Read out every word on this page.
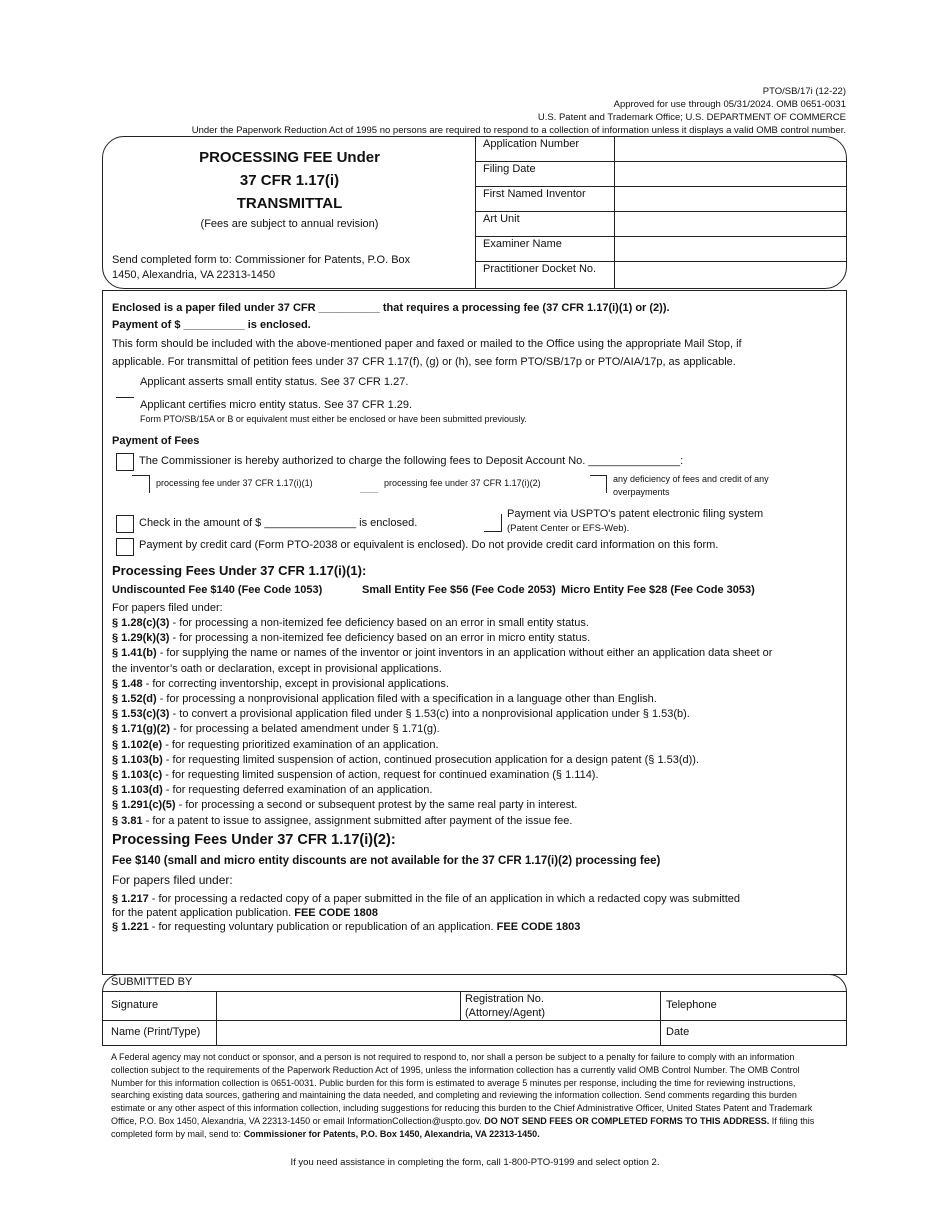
PTO/SB/17i (12-22)
Approved for use through 05/31/2024. OMB 0651-0031
U.S. Patent and Trademark Office; U.S. DEPARTMENT OF COMMERCE
Under the Paperwork Reduction Act of 1995 no persons are required to respond to a collection of information unless it displays a valid OMB control number.
PROCESSING FEE Under
37 CFR 1.17(i)
TRANSMITTAL
(Fees are subject to annual revision)
Send completed form to: Commissioner for Patents, P.O. Box
1450, Alexandria, VA 22313-1450
Application Number
Filing Date
First Named Inventor
Art Unit
Examiner Name
Practitioner Docket No.
Enclosed is a paper filed under 37 CFR __________ that requires a processing fee (37 CFR 1.17(i)(1) or (2)).
Payment of $ __________ is enclosed.
This form should be included with the above-mentioned paper and faxed or mailed to the Office using the appropriate Mail Stop, if
applicable. For transmittal of petition fees under 37 CFR 1.17(f), (g) or (h), see form PTO/SB/17p or PTO/AIA/17p, as applicable.
Applicant asserts small entity status. See 37 CFR 1.27.
Applicant certifies micro entity status. See 37 CFR 1.29.
Form PTO/SB/15A or B or equivalent must either be enclosed or have been submitted previously.
Payment of Fees
The Commissioner is hereby authorized to charge the following fees to Deposit Account No. _______________:
processing fee under 37 CFR 1.17(i)(1)	processing fee under 37 CFR 1.17(i)(2)	any deficiency of fees and credit of any
overpayments
Check in the amount of $ _______________ is enclosed.
Payment via USPTO's patent electronic filing system
(Patent Center or EFS-Web).
Payment by credit card (Form PTO-2038 or equivalent is enclosed). Do not provide credit card information on this form.
Processing Fees Under 37 CFR 1.17(i)(1):
Undiscounted Fee $140 (Fee Code 1053)	Small Entity Fee $56 (Fee Code 2053) Micro Entity Fee $28 (Fee Code 3053)
For papers filed under:
§ 1.28(c)(3) - for processing a non-itemized fee deficiency based on an error in small entity status.
§ 1.29(k)(3) - for processing a non-itemized fee deficiency based on an error in micro entity status.
§ 1.41(b) - for supplying the name or names of the inventor or joint inventors in an application without either an application data sheet or
the inventor’s oath or declaration, except in provisional applications.
§ 1.48 - for correcting inventorship, except in provisional applications.
§ 1.52(d) - for processing a nonprovisional application filed with a specification in a language other than English.
§ 1.53(c)(3) - to convert a provisional application filed under § 1.53(c) into a nonprovisional application under § 1.53(b).
§ 1.71(g)(2) - for processing a belated amendment under § 1.71(g).
§ 1.102(e) - for requesting prioritized examination of an application.
§ 1.103(b) - for requesting limited suspension of action, continued prosecution application for a design patent (§ 1.53(d)).
§ 1.103(c) - for requesting limited suspension of action, request for continued examination (§ 1.114).
§ 1.103(d) - for requesting deferred examination of an application.
§ 1.291(c)(5) - for processing a second or subsequent protest by the same real party in interest.
§ 3.81 - for a patent to issue to assignee, assignment submitted after payment of the issue fee.
Processing Fees Under 37 CFR 1.17(i)(2):
Fee $140 (small and micro entity discounts are not available for the 37 CFR 1.17(i)(2) processing fee)
For papers filed under:
§ 1.217 - for processing a redacted copy of a paper submitted in the file of an application in which a redacted copy was submitted
for the patent application publication. FEE CODE 1808
§ 1.221 - for requesting voluntary publication or republication of an application. FEE CODE 1803
SUBMITTED BY
Signature	Registration No.
(Attorney/Agent)
Telephone
Name (Print/Type)	Date
A Federal agency may not conduct or sponsor, and a person is not required to respond to, nor shall a person be subject to a penalty for failure to comply with an information collection subject to the requirements of the Paperwork Reduction Act of 1995, unless the information collection has a currently valid OMB Control Number. The OMB Control Number for this information collection is 0651-0031. Public burden for this form is estimated to average 5 minutes per response, including the time for reviewing instructions, searching existing data sources, gathering and maintaining the data needed, and completing and reviewing the information collection. Send comments regarding this burden estimate or any other aspect of this information collection, including suggestions for reducing this burden to the Chief Administrative Officer, United States Patent and Trademark Office, P.O. Box 1450, Alexandria, VA 22313-1450 or email InformationCollection@uspto.gov. DO NOT SEND FEES OR COMPLETED FORMS TO THIS ADDRESS. If filing this completed form by mail, send to: Commissioner for Patents, P.O. Box 1450, Alexandria, VA 22313-1450.
If you need assistance in completing the form, call 1-800-PTO-9199 and select option 2.
